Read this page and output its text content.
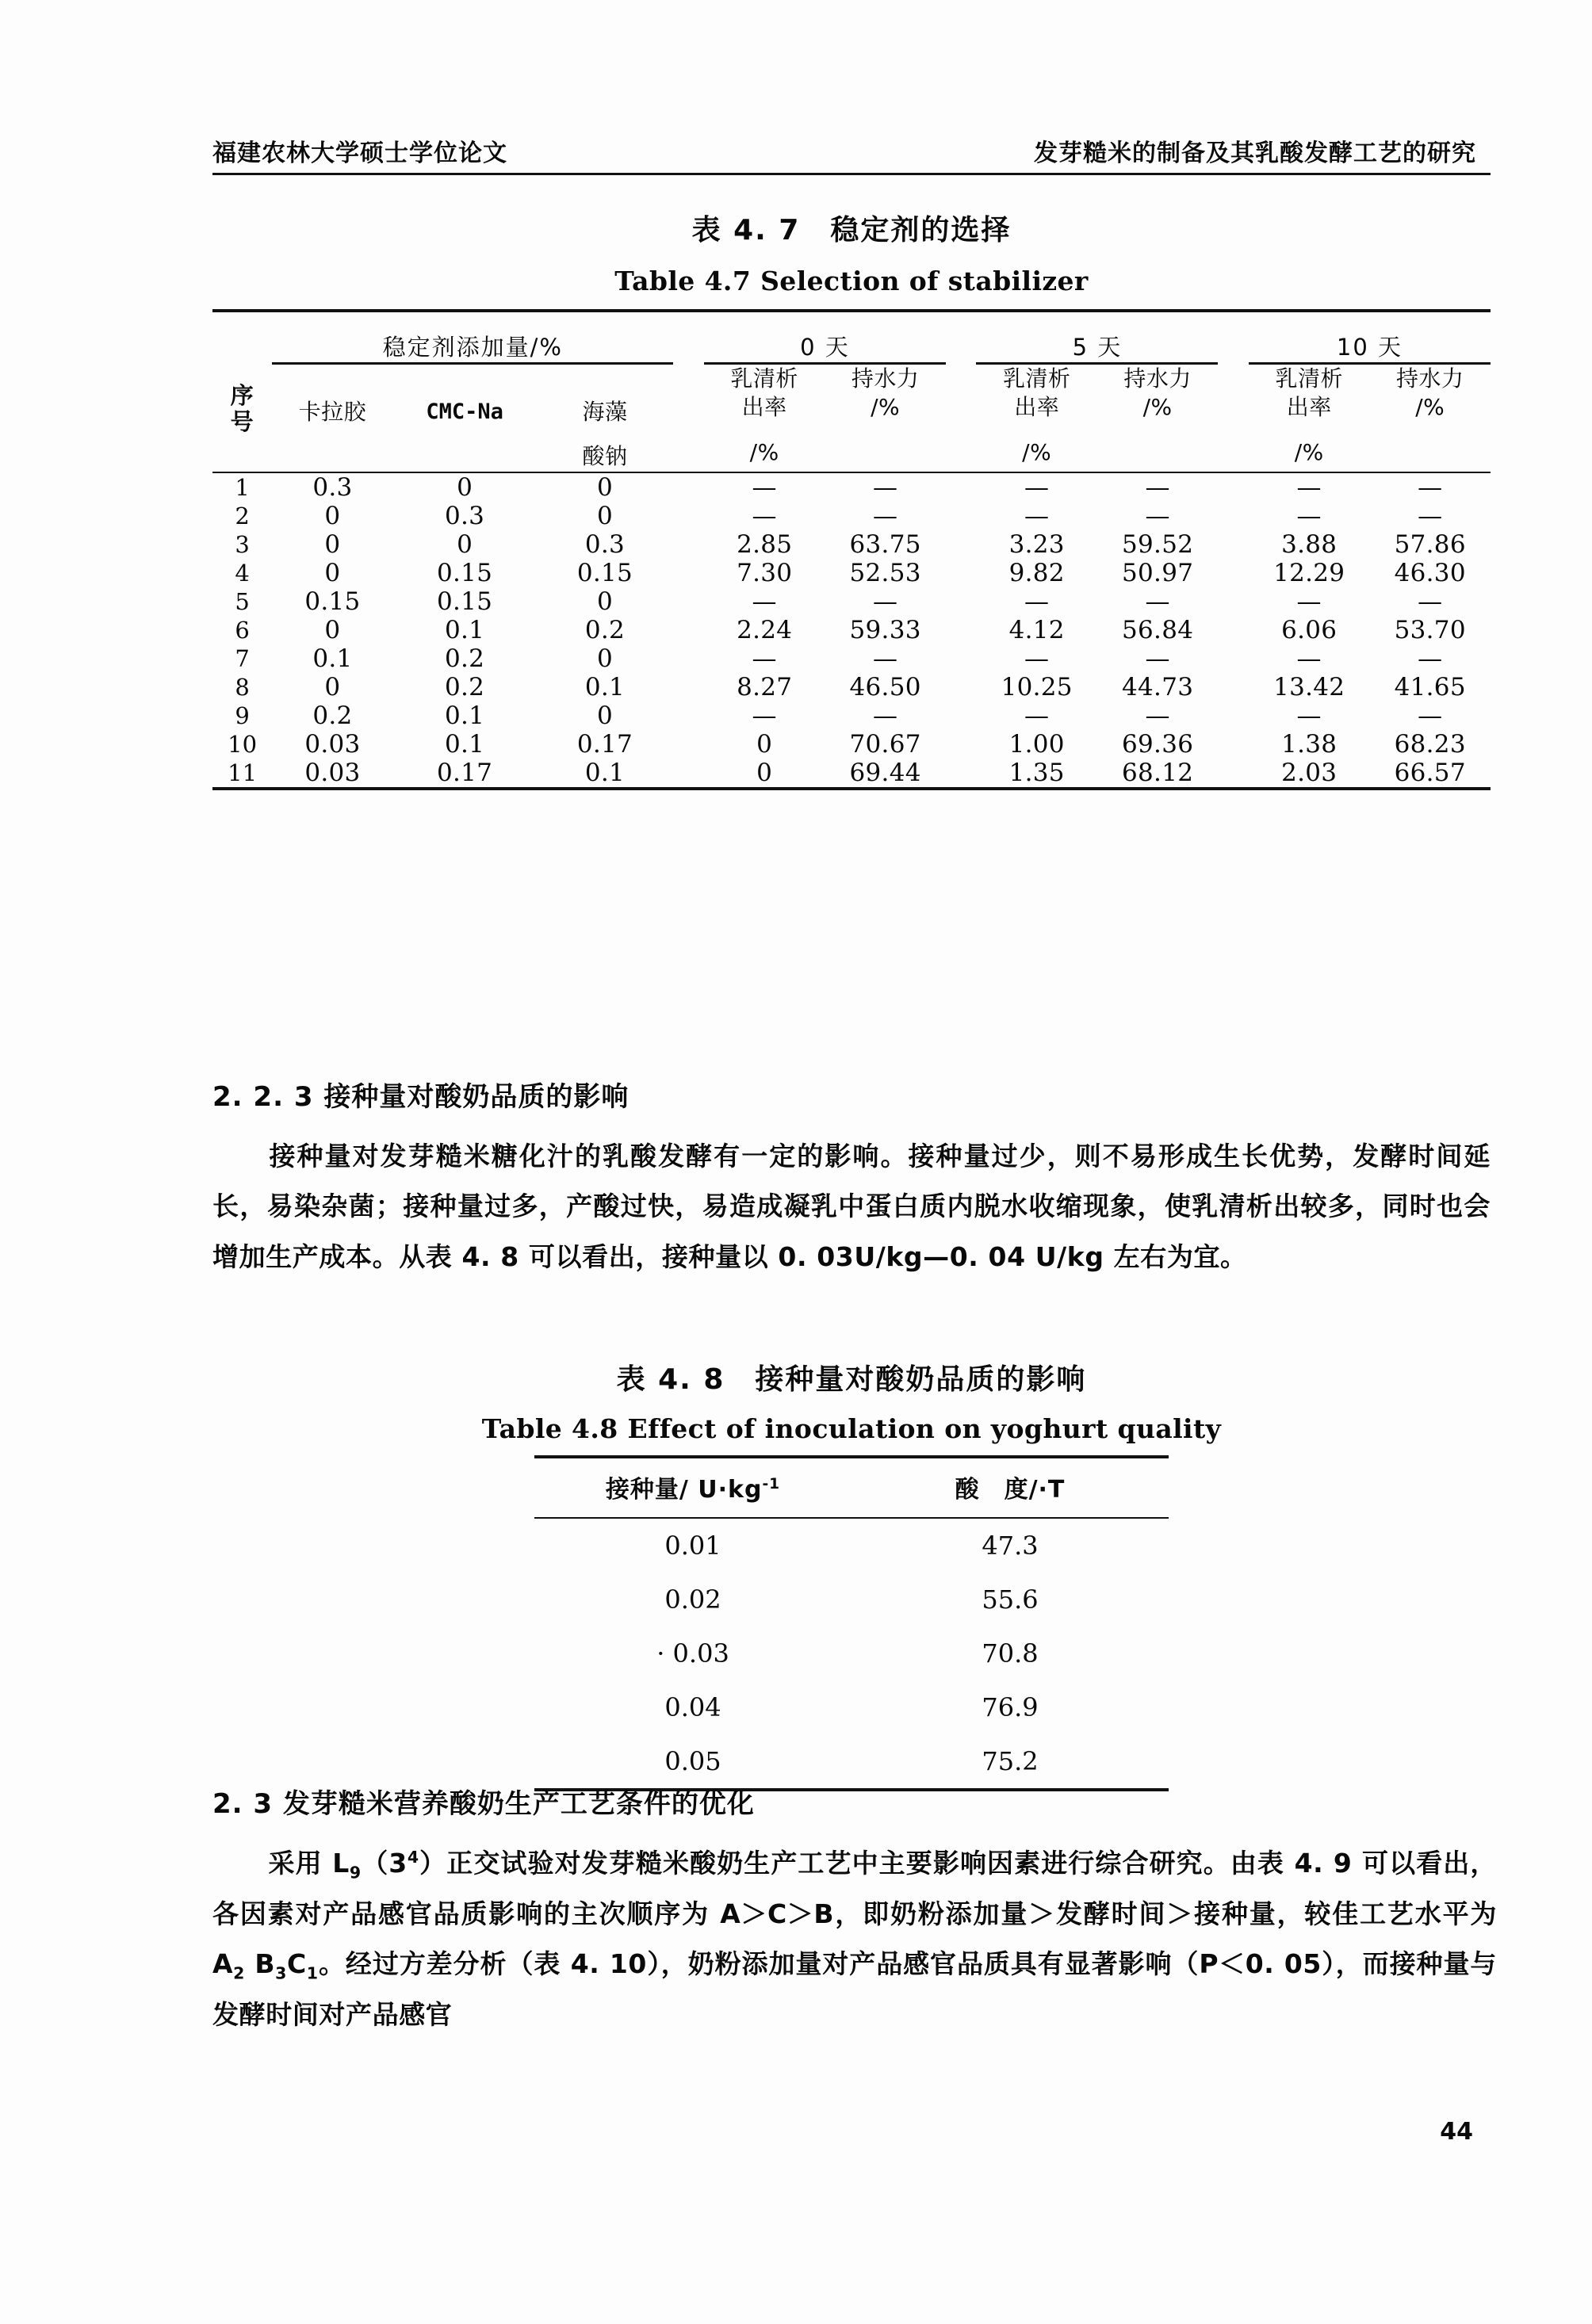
福建农林大学硕士学位论文	发芽糙米的制备及其乳酸发酵工艺的研究
表 4. 7　稳定剂的选择
Table 4.7 Selection of stabilizer
序
号	稳定剂添加量/%				0 天			5 天			10 天	

	卡拉胶	CMC-Na	海藻
酸钠		乳清析
出率
/%	持水力
/%		乳清析
出率
/%	持水力
/%		乳清析
出率
/%	持水力
/%

1	0.3	0	0		—	—		—	—		—	—
2	0	0.3	0		—	—		—	—		—	—
3	0	0	0.3		2.85	63.75		3.23	59.52		3.88	57.86
4	0	0.15	0.15		7.30	52.53		9.82	50.97		12.29	46.30
5	0.15	0.15	0		—	—		—	—		—	—
6	0	0.1	0.2		2.24	59.33		4.12	56.84		6.06	53.70
7	0.1	0.2	0		—	—		—	—		—	—
8	0	0.2	0.1		8.27	46.50		10.25	44.73		13.42	41.65
9	0.2	0.1	0		—	—		—	—		—	—
10	0.03	0.1	0.17		0	70.67		1.00	69.36		1.38	68.23
11	0.03	0.17	0.1		0	69.44		1.35	68.12		2.03	66.57
2. 2. 3 接种量对酸奶品质的影响
接种量对发芽糙米糖化汁的乳酸发酵有一定的影响。接种量过少，则不易形成生长优势，发酵时间延长，易染杂菌；接种量过多，产酸过快，易造成凝乳中蛋白质内脱水收缩现象，使乳清析出较多，同时也会增加生产成本。从表 4. 8 可以看出，接种量以 0. 03U/kg—0. 04 U/kg 左右为宜。
表 4. 8　接种量对酸奶品质的影响
Table 4.8 Effect of inoculation on yoghurt quality
接种量/ $U\cdot kg^{-1}$	酸　度/·T
0.01	47.3
0.02	55.6
· 0.03	70.8
0.04	76.9
0.05	75.2
2. 3 发芽糙米营养酸奶生产工艺条件的优化
采用 $L_9(3^4)$正交试验对发芽糙米酸奶生产工艺中主要影响因素进行综合研究。由表 4. 9 可以看出，各因素对产品感官品质影响的主次顺序为 A＞C＞B，即奶粉添加量＞发酵时间＞接种量，较佳工艺水平为 $A_2$ $B_3C_1$。经过方差分析（表 4. 10），奶粉添加量对产品感官品质具有显著影响（P＜0. 05），而接种量与发酵时间对产品感官
44
